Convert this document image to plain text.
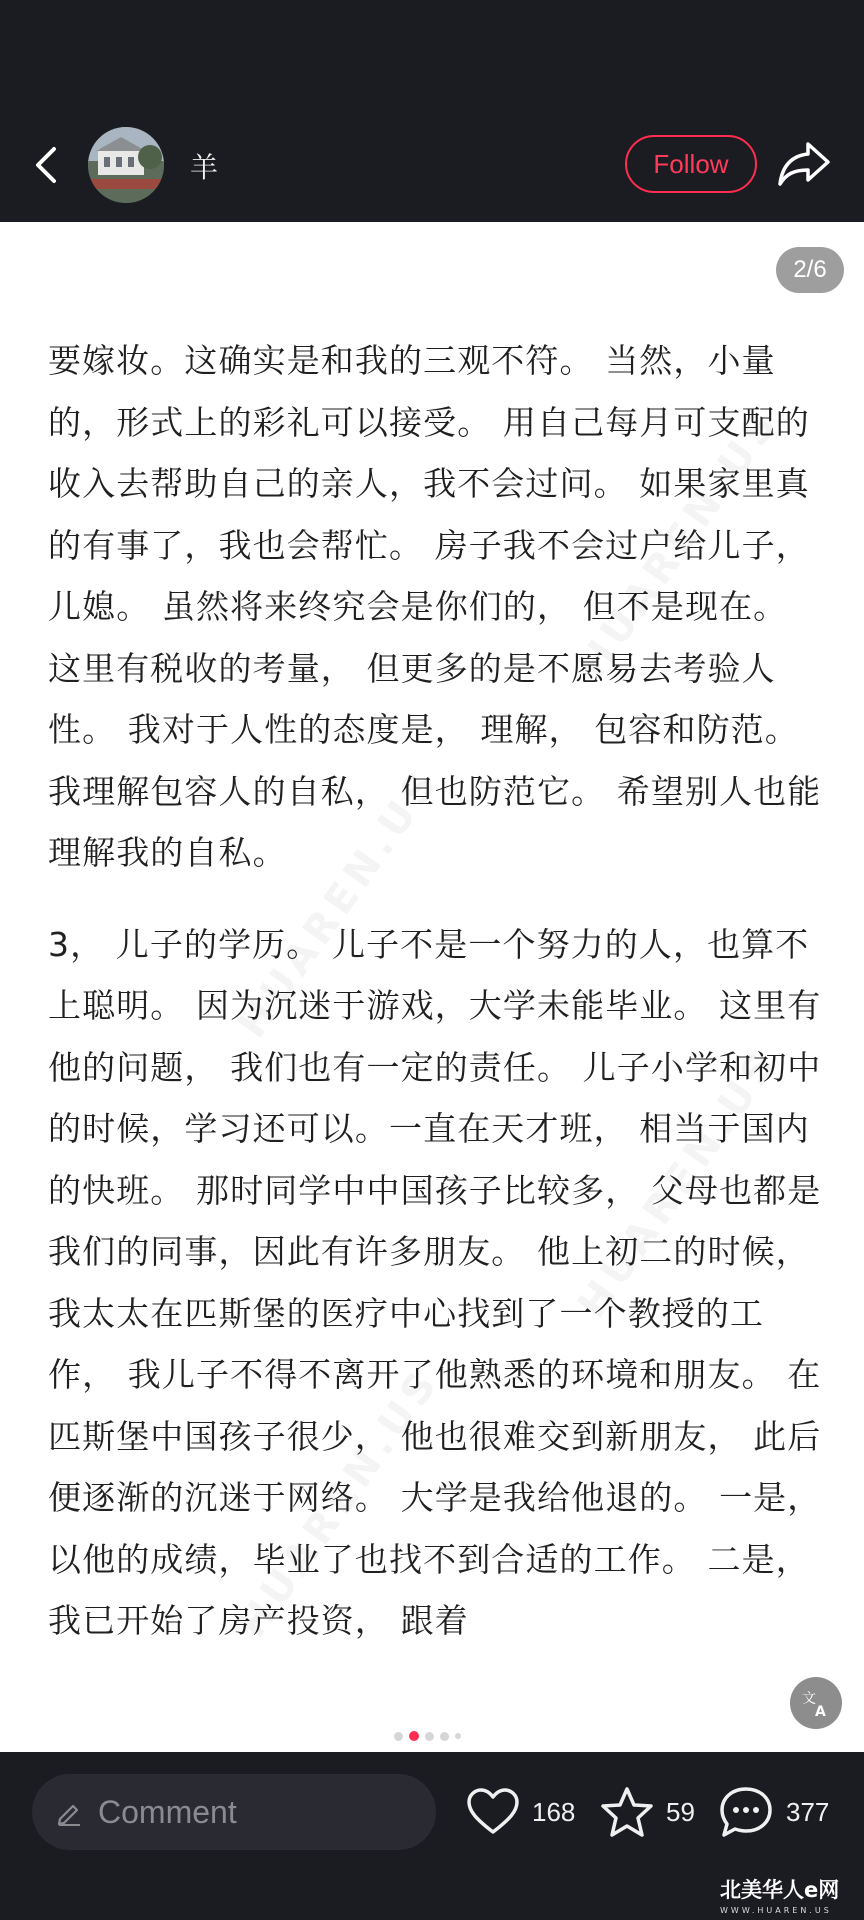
羊	Follow
2/6

要嫁妆。这确实是和我的三观不符。 当然，小量的，形式上的彩礼可以接受。 用自己每月可支配的收入去帮助自己的亲人，我不会过问。 如果家里真的有事了，我也会帮忙。 房子我不会过户给儿子，儿媳。 虽然将来终究会是你们的， 但不是现在。 这里有税收的考量， 但更多的是不愿易去考验人性。 我对于人性的态度是， 理解， 包容和防范。 我理解包容人的自私， 但也防范它。 希望别人也能理解我的自私。

3， 儿子的学历。 儿子不是一个努力的人，也算不上聪明。 因为沉迷于游戏，大学未能毕业。 这里有他的问题， 我们也有一定的责任。 儿子小学和初中的时候，学习还可以。一直在天才班， 相当于国内的快班。 那时同学中中国孩子比较多， 父母也都是我们的同事，因此有许多朋友。 他上初二的时候， 我太太在匹斯堡的医疗中心找到了一个教授的工作， 我儿子不得不离开了他熟悉的环境和朋友。 在匹斯堡中国孩子很少， 他也很难交到新朋友， 此后便逐渐的沉迷于网络。 大学是我给他退的。 一是，以他的成绩，毕业了也找不到合适的工作。 二是， 我已开始了房产投资， 跟着

文
A
Comment
168	59	377
北美华人e网
WWW.HUAREN.US
